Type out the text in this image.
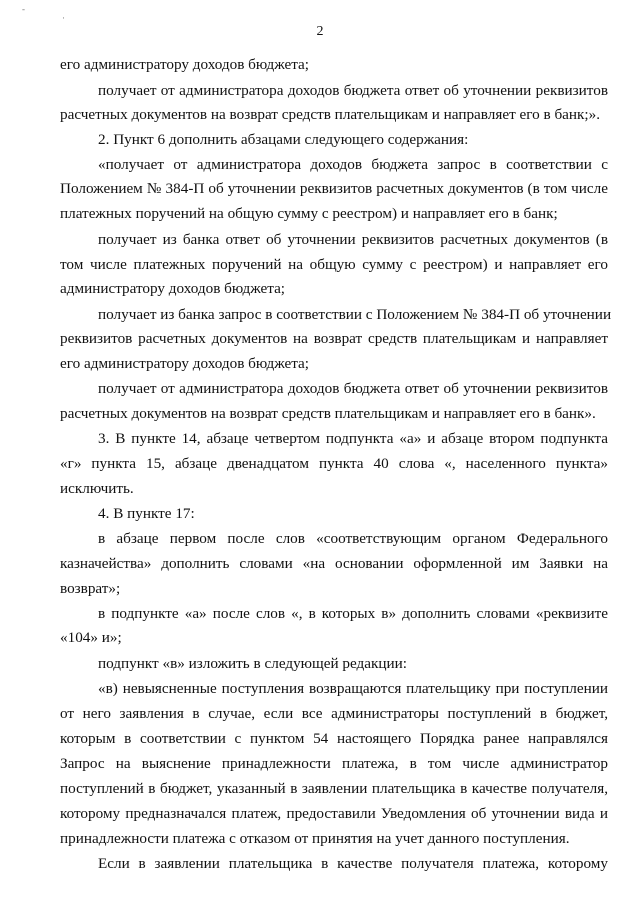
-
·
2
его администратору доходов бюджета;
получает от администратора доходов бюджета ответ об уточнении реквизитов
расчетных документов на возврат средств плательщикам и направляет его в банк;».
2. Пункт 6 дополнить абзацами следующего содержания:
«получает от администратора доходов бюджета запрос в соответствии с
Положением № 384-П об уточнении реквизитов расчетных документов (в том числе
платежных поручений на общую сумму с реестром) и направляет его в банк;
получает из банка ответ об уточнении реквизитов расчетных документов (в
том числе платежных поручений на общую сумму с реестром) и направляет его
администратору доходов бюджета;
получает из банка запрос в соответствии с Положением № 384-П об уточнении
реквизитов расчетных документов на возврат средств плательщикам и направляет
его администратору доходов бюджета;
получает от администратора доходов бюджета ответ об уточнении реквизитов
расчетных документов на возврат средств плательщикам и направляет его в банк».
3. В пункте 14, абзаце четвертом подпункта «а» и абзаце втором подпункта
«г» пункта 15, абзаце двенадцатом пункта 40 слова «, населенного пункта»
исключить.
4. В пункте 17:
в абзаце первом после слов «соответствующим органом Федерального
казначейства» дополнить словами «на основании оформленной им Заявки на
возврат»;
в подпункте «а» после слов «, в которых в» дополнить словами «реквизите
«104» и»;
подпункт «в» изложить в следующей редакции:
«в) невыясненные поступления возвращаются плательщику при поступлении
от него заявления в случае, если все администраторы поступлений в бюджет,
которым в соответствии с пунктом 54 настоящего Порядка ранее направлялся
Запрос на выяснение принадлежности платежа, в том числе администратор
поступлений в бюджет, указанный в заявлении плательщика в качестве получателя,
которому предназначался платеж, предоставили Уведомления об уточнении вида и
принадлежности платежа с отказом от принятия на учет данного поступления.
Если в заявлении плательщика в качестве получателя платежа, которому
